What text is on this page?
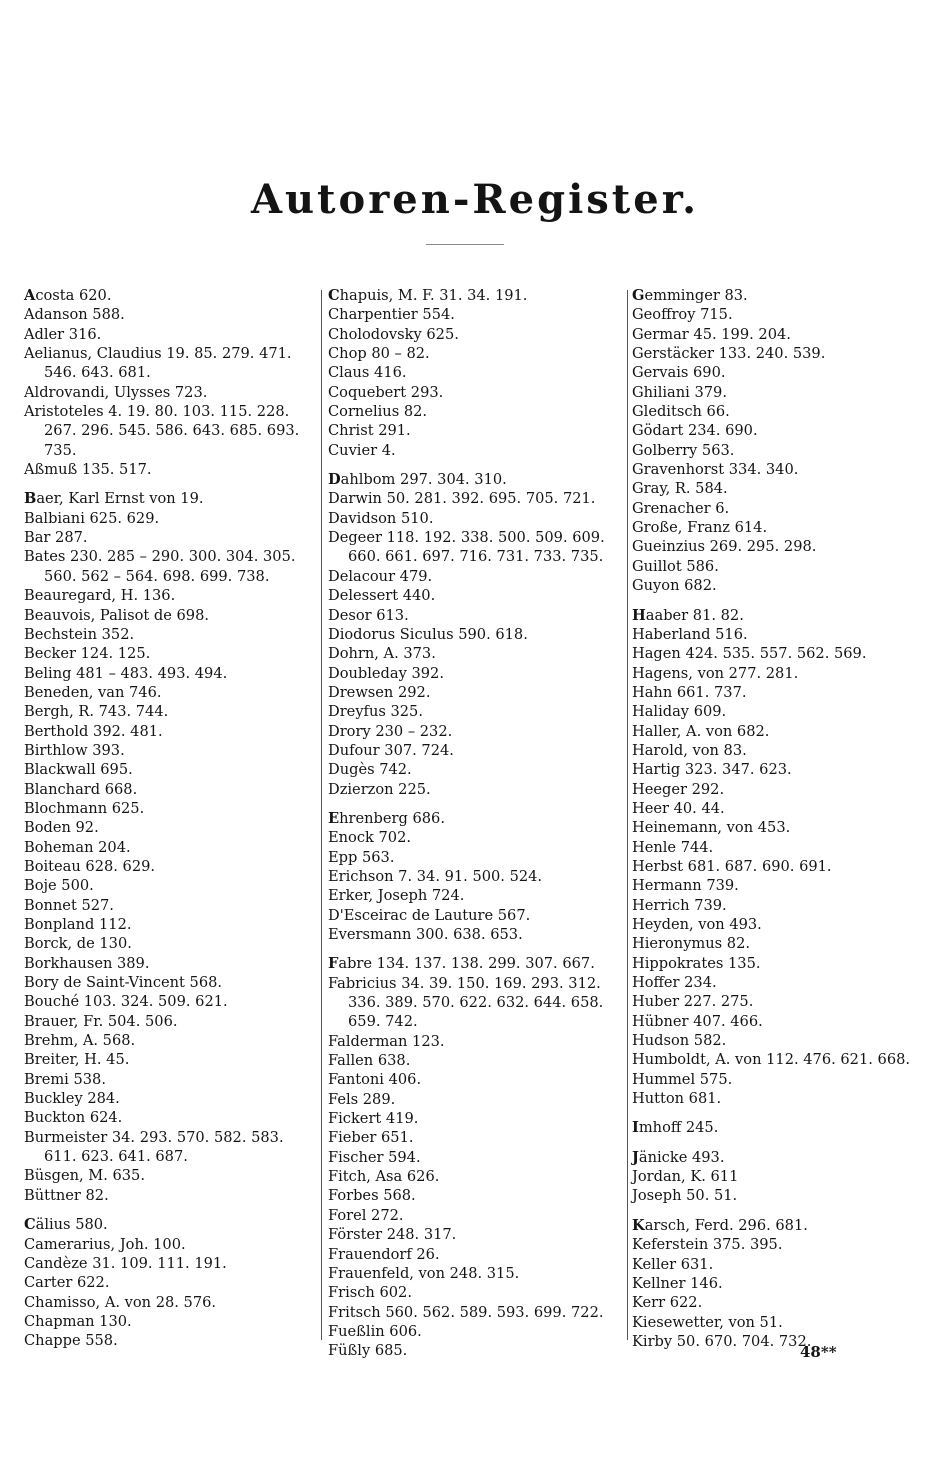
Autoren-Register.

Acosta 620.

Adanson 588.

Adler 316.

Aelianus, Claudius 19. 85. 279. 471.

546. 643. 681.

Aldrovandi, Ulysses 723.

Aristoteles 4. 19. 80. 103. 115. 228.

267. 296. 545. 586. 643. 685. 693.

735.

Aßmuß 135. 517.

Baer, Karl Ernst von 19.

Balbiani 625. 629.

Bar 287.

Bates 230. 285 – 290. 300. 304. 305.

560. 562 – 564. 698. 699. 738.

Beauregard, H. 136.

Beauvois, Palisot de 698.

Bechstein 352.

Becker 124. 125.

Beling 481 – 483. 493. 494.

Beneden, van 746.

Bergh, R. 743. 744.

Berthold 392. 481.

Birthlow 393.

Blackwall 695.

Blanchard 668.

Blochmann 625.

Boden 92.

Boheman 204.

Boiteau 628. 629.

Boje 500.

Bonnet 527.

Bonpland 112.

Borck, de 130.

Borkhausen 389.

Bory de Saint-Vincent 568.

Bouché 103. 324. 509. 621.

Brauer, Fr. 504. 506.

Brehm, A. 568.

Breiter, H. 45.

Bremi 538.

Buckley 284.

Buckton 624.

Burmeister 34. 293. 570. 582. 583.

611. 623. 641. 687.

Büsgen, M. 635.

Büttner 82.

Cälius 580.

Camerarius, Joh. 100.

Candèze 31. 109. 111. 191.

Carter 622.

Chamisso, A. von 28. 576.

Chapman 130.

Chappe 558.

Chapuis, M. F. 31. 34. 191.

Charpentier 554.

Cholodovsky 625.

Chop 80 – 82.

Claus 416.

Coquebert 293.

Cornelius 82.

Christ 291.

Cuvier 4.

Dahlbom 297. 304. 310.

Darwin 50. 281. 392. 695. 705. 721.

Davidson 510.

Degeer 118. 192. 338. 500. 509. 609.

660. 661. 697. 716. 731. 733. 735.

Delacour 479.

Delessert 440.

Desor 613.

Diodorus Siculus 590. 618.

Dohrn, A. 373.

Doubleday 392.

Drewsen 292.

Dreyfus 325.

Drory 230 – 232.

Dufour 307. 724.

Dugès 742.

Dzierzon 225.

Ehrenberg 686.

Enock 702.

Epp 563.

Erichson 7. 34. 91. 500. 524.

Erker, Joseph 724.

D'Esceirac de Lauture 567.

Eversmann 300. 638. 653.

Fabre 134. 137. 138. 299. 307. 667.

Fabricius 34. 39. 150. 169. 293. 312.

336. 389. 570. 622. 632. 644. 658.

659. 742.

Falderman 123.

Fallen 638.

Fantoni 406.

Fels 289.

Fickert 419.

Fieber 651.

Fischer 594.

Fitch, Asa 626.

Forbes 568.

Forel 272.

Förster 248. 317.

Frauendorf 26.

Frauenfeld, von 248. 315.

Frisch 602.

Fritsch 560. 562. 589. 593. 699. 722.

Fueßlin 606.

Füßly 685.

Gemminger 83.

Geoffroy 715.

Germar 45. 199. 204.

Gerstäcker 133. 240. 539.

Gervais 690.

Ghiliani 379.

Gleditsch 66.

Gödart 234. 690.

Golberry 563.

Gravenhorst 334. 340.

Gray, R. 584.

Grenacher 6.

Große, Franz 614.

Gueinzius 269. 295. 298.

Guillot 586.

Guyon 682.

Haaber 81. 82.

Haberland 516.

Hagen 424. 535. 557. 562. 569.

Hagens, von 277. 281.

Hahn 661. 737.

Haliday 609.

Haller, A. von 682.

Harold, von 83.

Hartig 323. 347. 623.

Heeger 292.

Heer 40. 44.

Heinemann, von 453.

Henle 744.

Herbst 681. 687. 690. 691.

Hermann 739.

Herrich 739.

Heyden, von 493.

Hieronymus 82.

Hippokrates 135.

Hoffer 234.

Huber 227. 275.

Hübner 407. 466.

Hudson 582.

Humboldt, A. von 112. 476. 621. 668.

Hummel 575.

Hutton 681.

Imhoff 245.

Jänicke 493.

Jordan, K. 611

Joseph 50. 51.

Karsch, Ferd. 296. 681.

Keferstein 375. 395.

Keller 631.

Kellner 146.

Kerr 622.

Kiesewetter, von 51.

Kirby 50. 670. 704. 732.

48**
